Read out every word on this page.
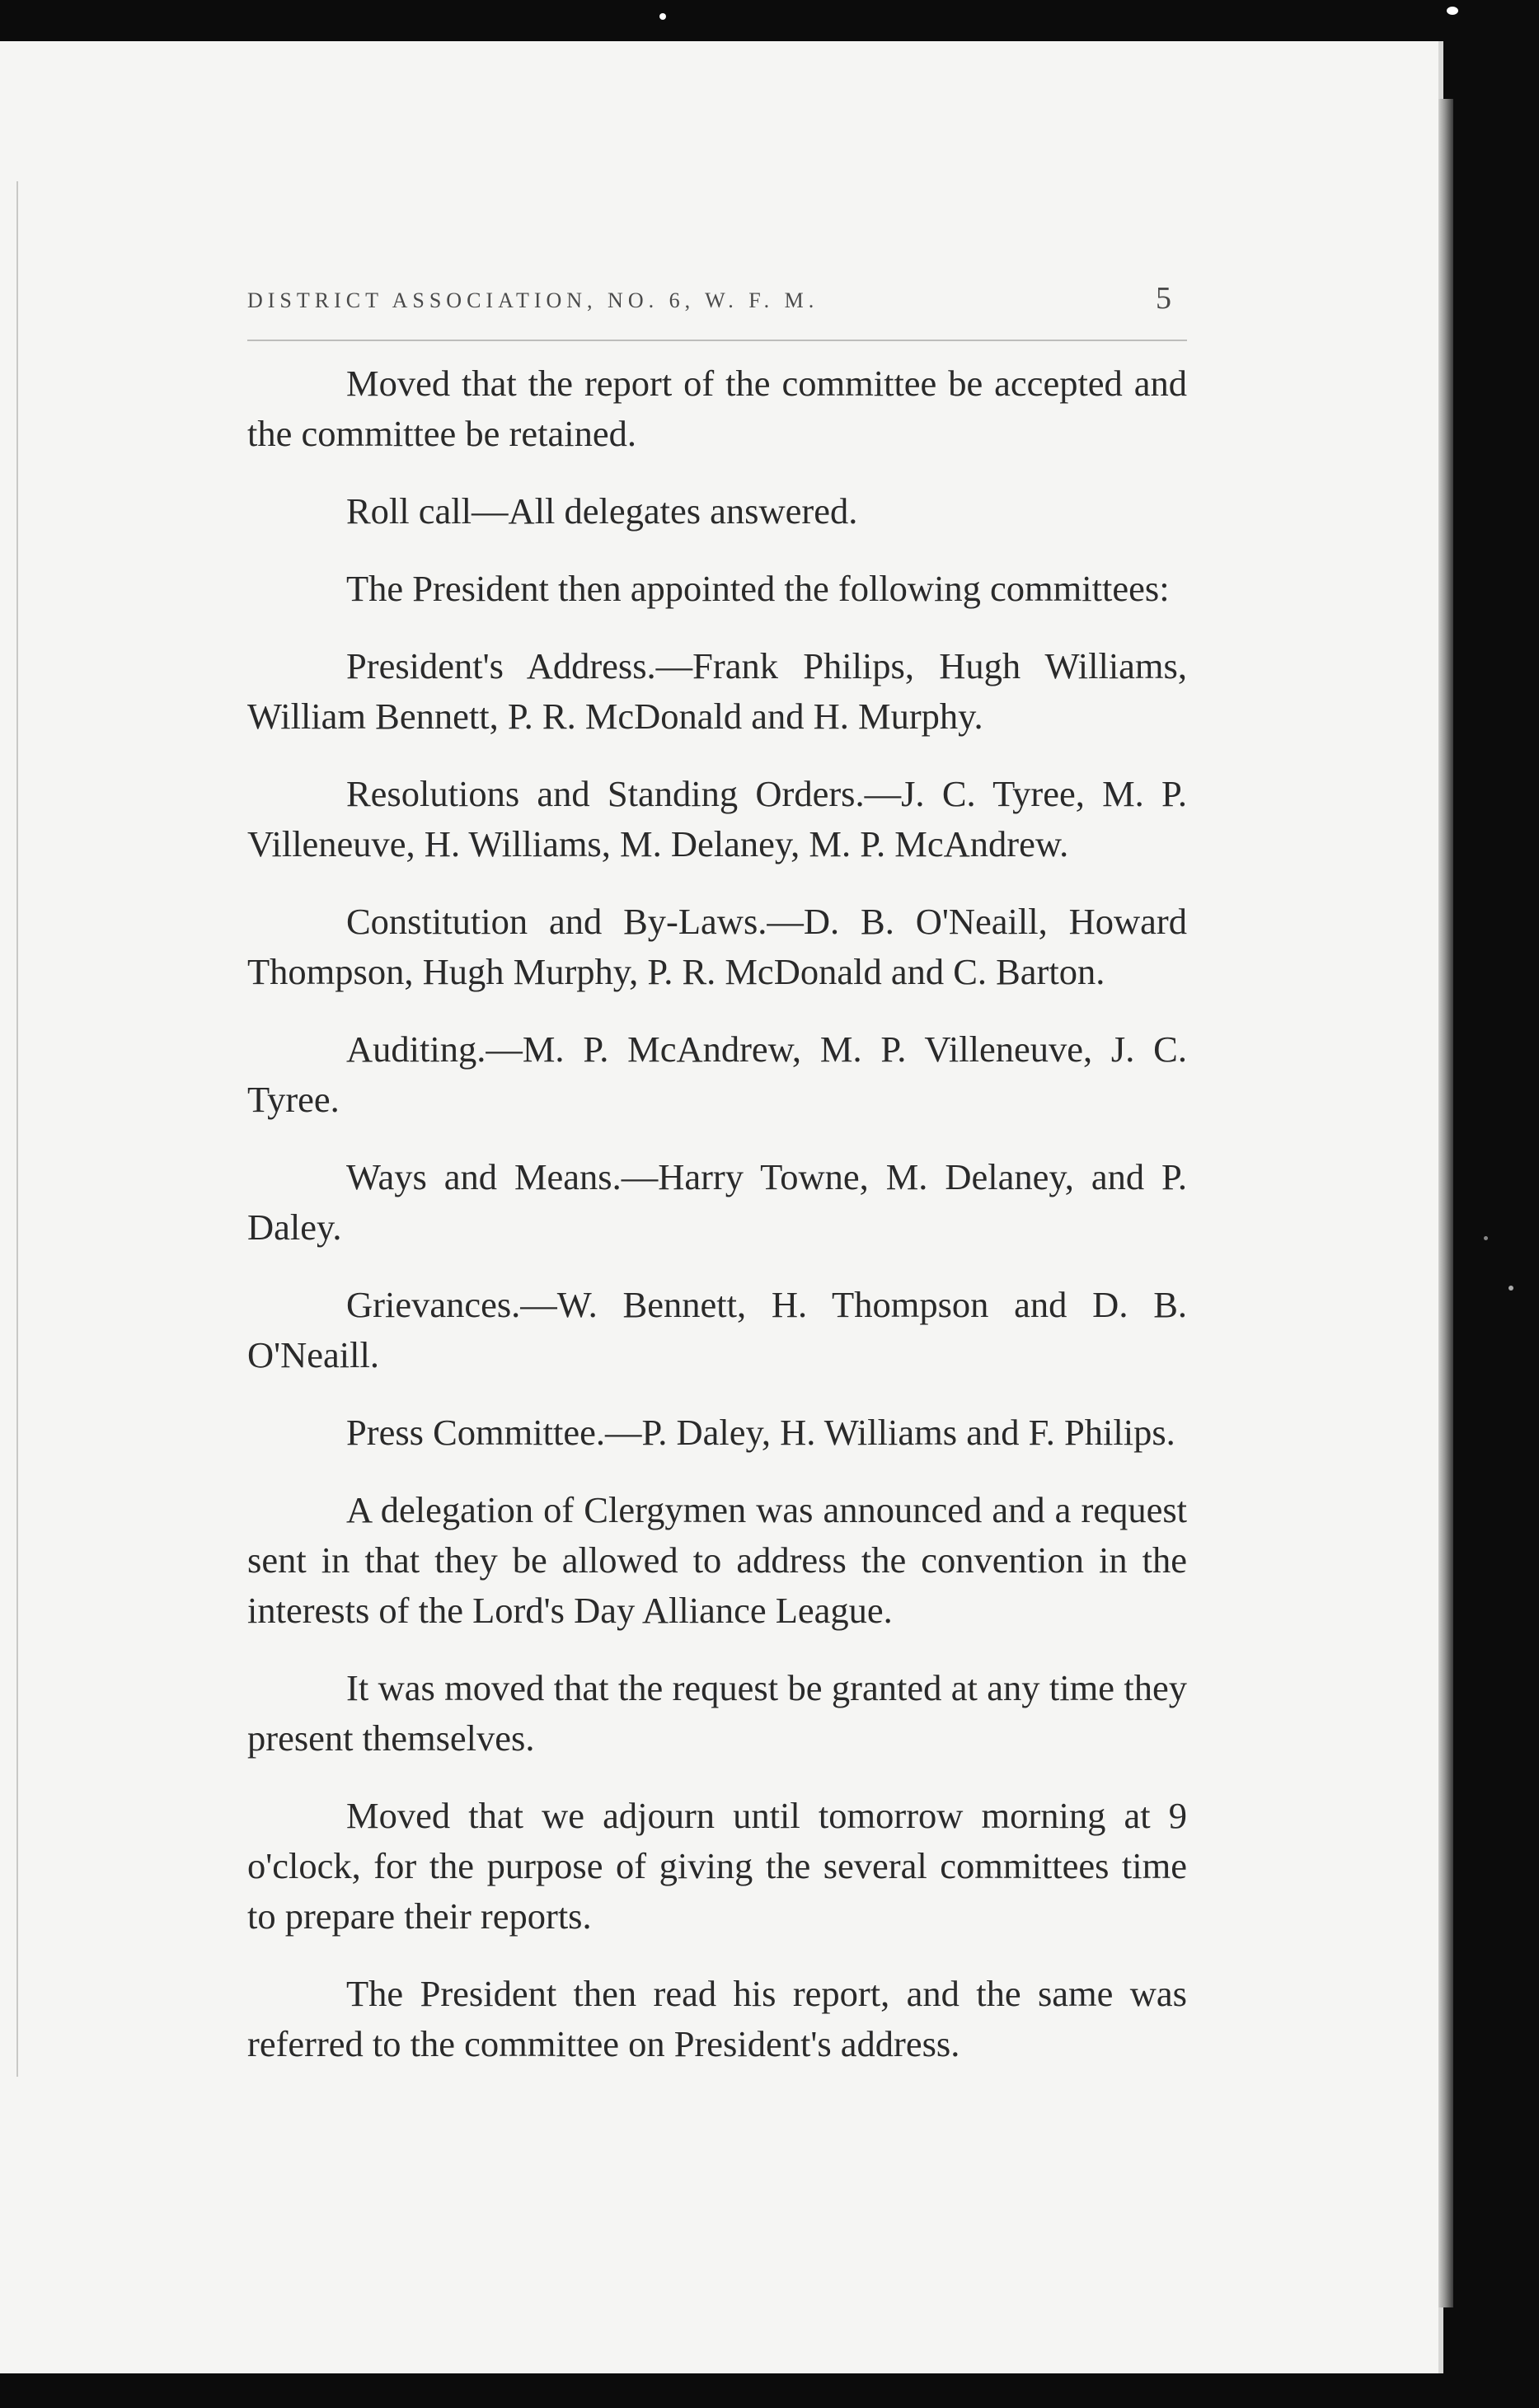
DISTRICT ASSOCIATION, NO. 6, W. F. M.	5

Moved that the report of the committee be accepted and the committee be retained.

Roll call—All delegates answered.

The President then appointed the following committees:

President's Address.—Frank Philips, Hugh Williams, William Bennett, P. R. McDonald and H. Murphy.

Resolutions and Standing Orders.—J. C. Tyree, M. P. Villeneuve, H. Williams, M. Delaney, M. P. McAndrew.

Constitution and By-Laws.—D. B. O'Neaill, Howard Thompson, Hugh Murphy, P. R. McDonald and C. Barton.

Auditing.—M. P. McAndrew, M. P. Villeneuve, J. C. Tyree.

Ways and Means.—Harry Towne, M. Delaney, and P. Daley.

Grievances.—W. Bennett, H. Thompson and D. B. O'Neaill.

Press Committee.—P. Daley, H. Williams and F. Philips.

A delegation of Clergymen was announced and a request sent in that they be allowed to address the convention in the interests of the Lord's Day Alliance League.

It was moved that the request be granted at any time they present themselves.

Moved that we adjourn until tomorrow morning at 9 o'clock, for the purpose of giving the several committees time to prepare their reports.

The President then read his report, and the same was referred to the committee on President's address.
